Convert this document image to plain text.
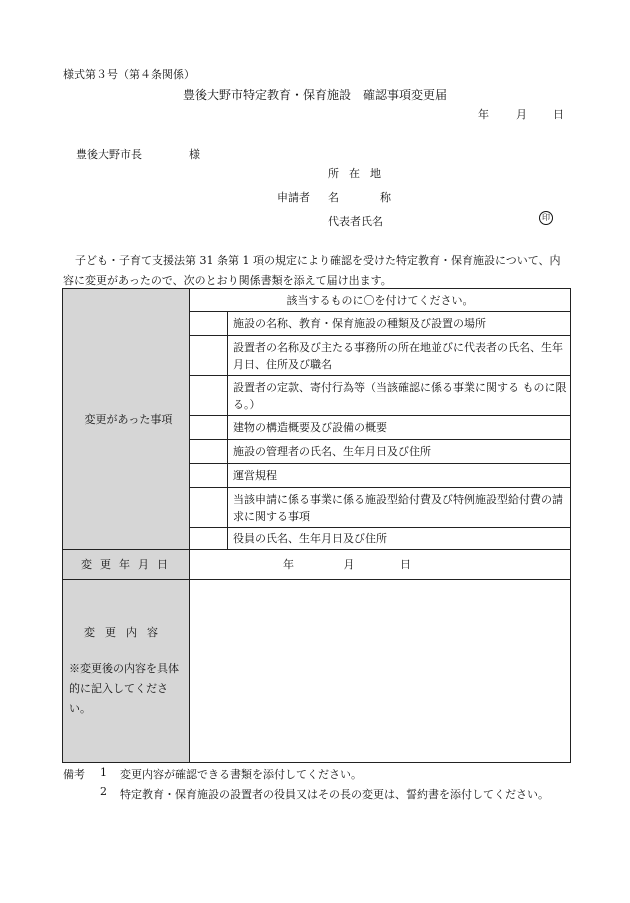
様式第３号（第４条関係）
豊後大野市特定教育・保育施設　確認事項変更届
年 月 日
豊後大野市長	様
所在地
申請者 名	称
代表者氏名	印
子ども・子育て支援法第 31 条第 1 項の規定により確認を受けた特定教育・保育施設について、内容に変更があったので、次のとおり関係書類を添えて届け出ます。
変更があった事項	該当するものに〇を付けてください。	
		施設の名称、教育・保育施設の種類及び設置の場所
		設置者の名称及び主たる事務所の所在地並びに代表者の氏名、生年月日、住所及び職名
		設置者の定款、寄付行為等（当該確認に係る事業に関する ものに限る。）
		建物の構造概要及び設備の概要
		施設の管理者の氏名、生年月日及び住所
		運営規程
		当該申請に係る事業に係る施設型給付費及び特例施設型給付費の請求に関する事項
		役員の氏名、生年月日及び住所
変更年月日	年 月 日	

変更内容
※変更後の内容を具体的に記入してください。		

備考 1 変更内容が確認できる書類を添付してください。
2 特定教育・保育施設の設置者の役員又はその長の変更は、誓約書を添付してください。
